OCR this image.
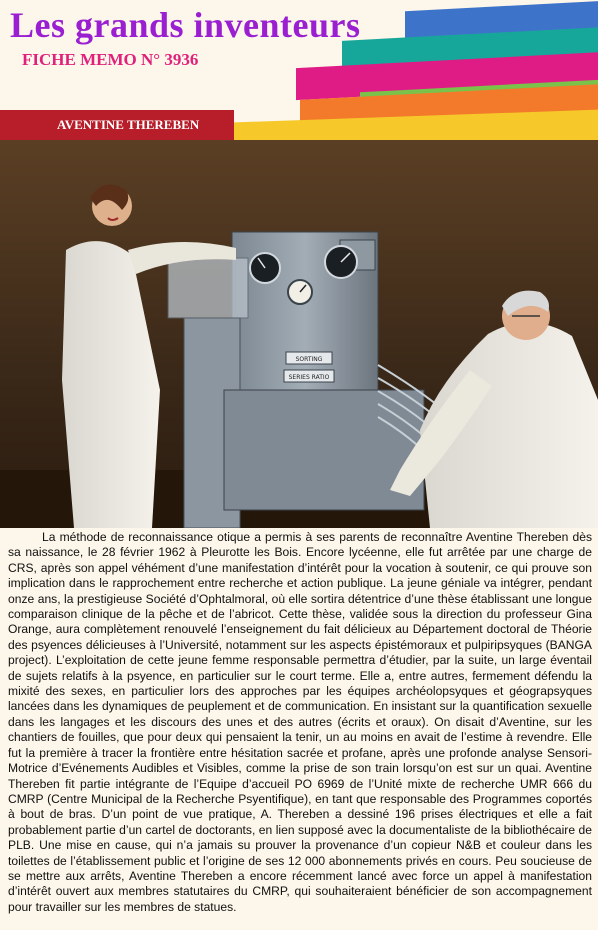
Les grands inventeurs
FICHE MEMO N° 3936
AVENTINE THEREBEN
SORTING
SERIES RATIO

La méthode de reconnaissance otique a permis à ses parents de reconnaître Aventine Thereben dès sa naissance, le 28 février 1962 à Pleurotte les Bois. Encore lycéenne, elle fut arrêtée par une charge de CRS, après son appel véhément d’une manifestation d’intérêt pour la vocation à soutenir, ce qui prouve son implication dans le rapprochement entre recherche et action publique. La jeune géniale va intégrer, pendant onze ans, la prestigieuse Société d’Ophtalmoral, où elle sortira détentrice d’une thèse établissant une longue comparaison clinique de la pêche et de l’abricot. Cette thèse, validée sous la direction du professeur Gina Orange, aura complètement renouvelé l’enseignement du fait délicieux au Département doctoral de Théorie des psyences délicieuses à l’Université, notamment sur les aspects épistémoraux et pulpiripsyques (BANGA project). L’exploitation de cette jeune femme responsable permettra d’étudier, par la suite, un large éventail de sujets relatifs à la psyence, en particulier sur le court terme. Elle a, entre autres, fermement défendu la mixité des sexes, en particulier lors des approches par les équipes archéolopsyques et géograpsyques lancées dans les dynamiques de peuplement et de communication. En insistant sur la quantification sexuelle dans les langages et les discours des unes et des autres (écrits et oraux). On disait d’Aventine, sur les chantiers de fouilles, que pour deux qui pensaient la tenir, un au moins en avait de l’estime à revendre. Elle fut la première à tracer la frontière entre hésitation sacrée et profane, après une profonde analyse Sensori-Motrice d’Evénements Audibles et Visibles, comme la prise de son train lorsqu’on est sur un quai. Aventine Thereben fit partie intégrante de l’Equipe d’accueil PO 6969 de l’Unité mixte de recherche UMR 666 du CMRP (Centre Municipal de la Recherche Psyentifique), en tant que responsable des Programmes coportés à bout de bras. D’un point de vue pratique, A. Thereben a dessiné 196 prises électriques et elle a fait probablement partie d’un cartel de doctorants, en lien supposé avec la documentaliste de la bibliothécaire de PLB. Une mise en cause, qui n’a jamais su prouver la provenance d’un copieur N&B et couleur dans les toilettes de l’établissement public et l’origine de ses 12 000 abonnements privés en cours. Peu soucieuse de se mettre aux arrêts, Aventine Thereben a encore récemment lancé avec force un appel à manifestation d’intérêt ouvert aux membres statutaires du CMRP, qui souhaiteraient bénéficier de son accompagnement pour travailler sur les membres de statues.
